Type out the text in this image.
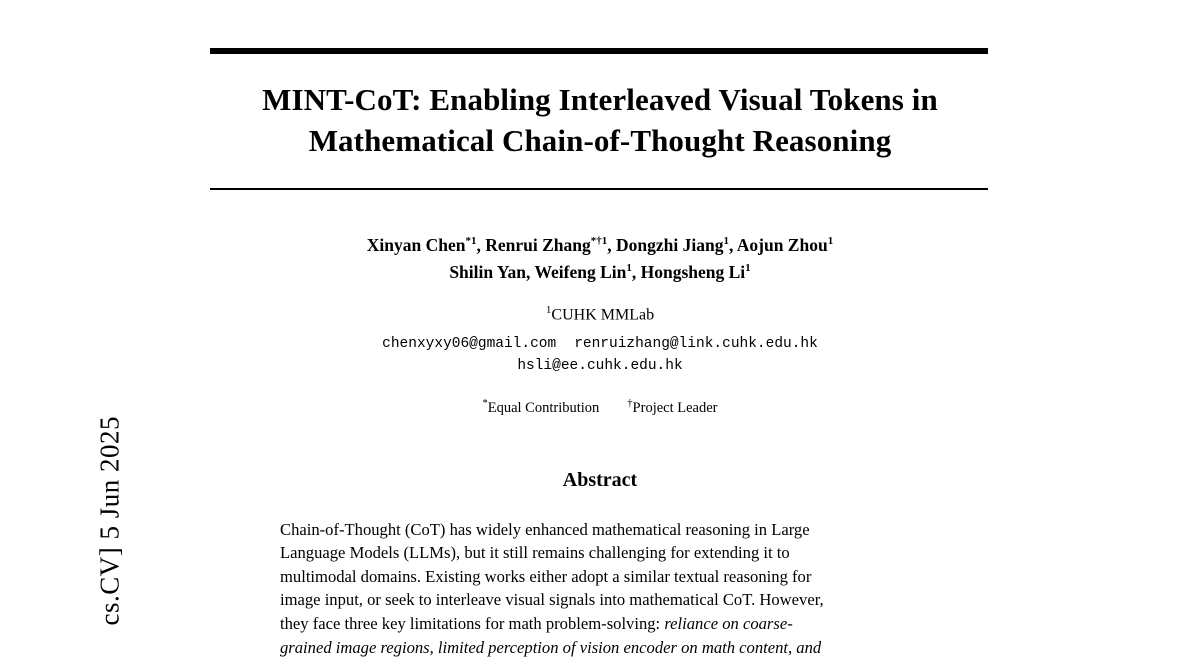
cs.CV] 5 Jun 2025
MINT-CoT: Enabling Interleaved Visual Tokens in
Mathematical Chain-of-Thought Reasoning
Xinyan Chen$^{*1}$, Renrui Zhang$^{*\dagger 1}$, Dongzhi Jiang$^1$, Aojun Zhou$^1$
Shilin Yan, Weifeng Lin$^1$, Hongsheng Li$^1$
$^1$CUHK MMLab
chenxyxy06@gmail.com renruizhang@link.cuhk.edu.hk
hsli@ee.cuhk.edu.hk
*Equal Contribution	†Project Leader
Abstract
Chain-of-Thought (CoT) has widely enhanced mathematical reasoning in Large
Language Models (LLMs), but it still remains challenging for extending it to
multimodal domains. Existing works either adopt a similar textual reasoning for
image input, or seek to interleave visual signals into mathematical CoT. However,
they face three key limitations for math problem-solving: reliance on coarse-
grained image regions, limited perception of vision encoder on math content, and
